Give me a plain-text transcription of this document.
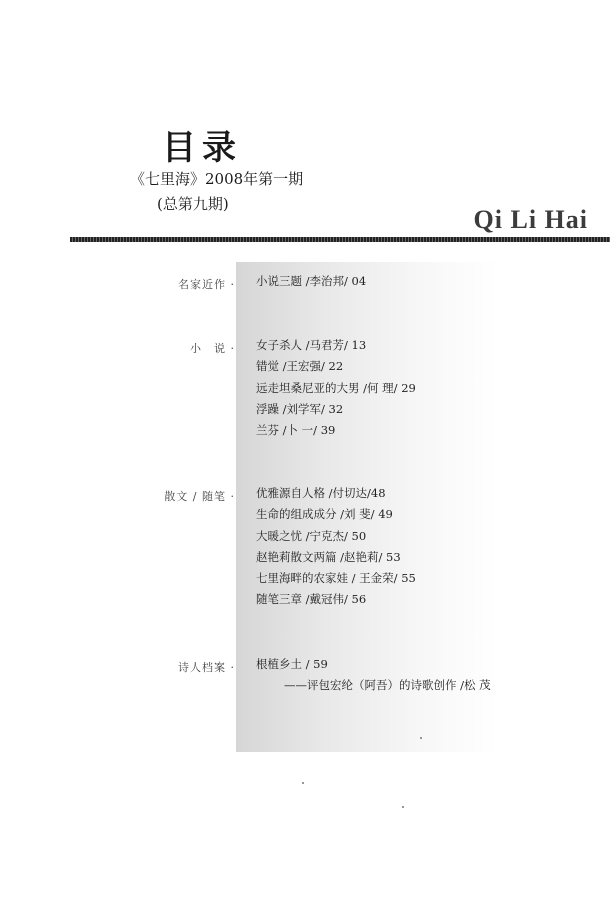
目录
《七里海》2008年第一期
(总第九期)
Qi Li Hai
名家近作 · 小说三题 /李治邦/ 04
小　说 · 女子杀人 /马君芳/ 13
错觉 /王宏强/ 22
远走坦桑尼亚的大男 /何 理/ 29
浮躁 /刘学军/ 32
兰芬 /卜 一/ 39
散文 / 随笔 · 优雅源自人格 /付切达/48
生命的组成成分 /刘 斐/ 49
大暖之忧 /宁克杰/ 50
赵艳莉散文两篇 /赵艳莉/ 53
七里海畔的农家娃 / 王金荣/ 55
随笔三章 /戴冠伟/ 56
诗人档案 · 根植乡土 / 59
——评包宏纶（阿吾）的诗歌创作 /松 茂
